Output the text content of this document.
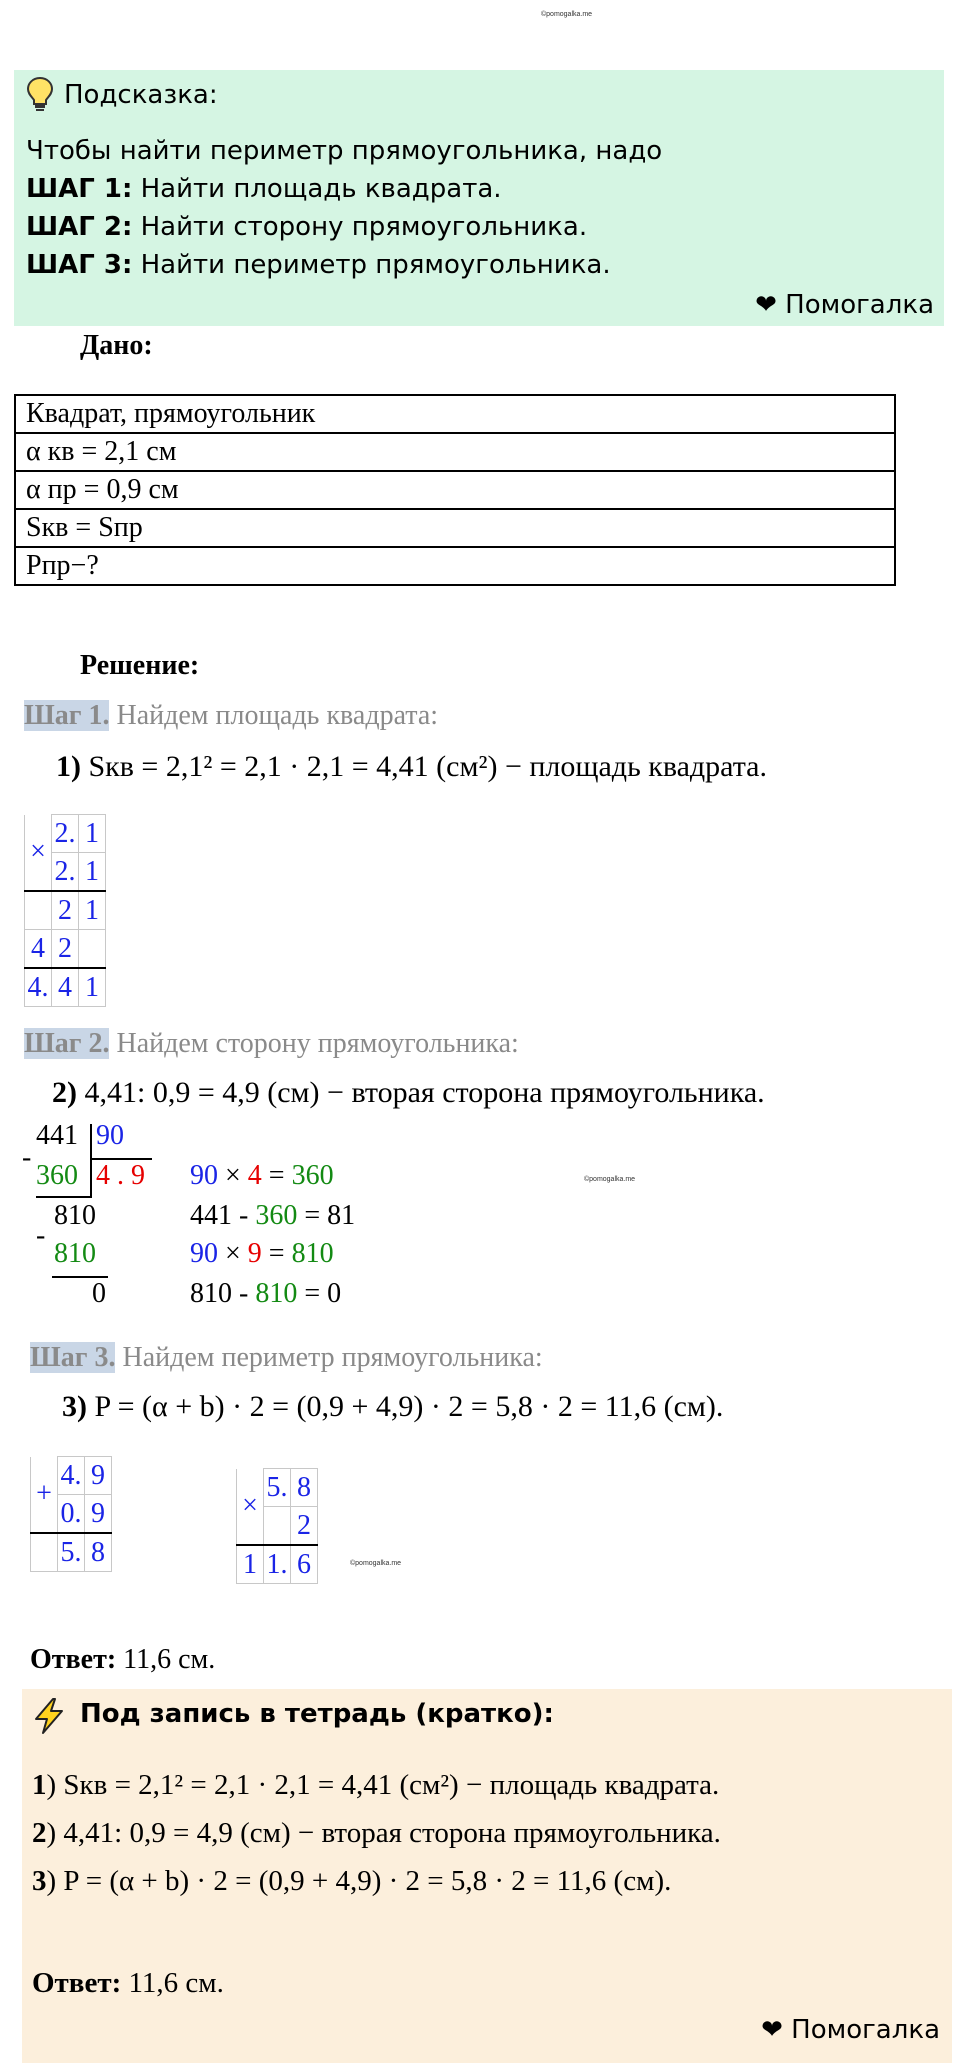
©pomogalka.me
Подсказка:
Чтобы найти периметр прямоугольника, надо
ШАГ 1: Найти площадь квадрата.
ШАГ 2: Найти сторону прямоугольника.
ШАГ 3: Найти периметр прямоугольника.
❤ Помогалка
Дано:
Квадрат, прямоугольник
α кв = 2,1 см
α пр = 0,9 см
Sкв = Sпр
Pпр−?
Решение:
Шаг 1. Найдем площадь квадрата:
1) Sкв = 2,1² = 2,1 · 2,1 = 4,41 (см²) − площадь квадрата.
×	2.	1
	2.	1
	2	1
4	2	
4.	4	1
Шаг 2. Найдем сторону прямоугольника:
2) 4,41: 0,9 = 4,9 (см) − вторая сторона прямоугольника.
441 90
-
360 4 . 9
810
-
810
0
90 × 4 = 360
441 - 360 = 81
90 × 9 = 810
810 - 810 = 0
©pomogalka.me
Шаг 3. Найдем периметр прямоугольника:
3) P = (α + b) · 2 = (0,9 + 4,9) · 2 = 5,8 · 2 = 11,6 (см).
+	4.	9
	0.	9
	5.	8
×	5.	8
		2
1	1.	6	©pomogalka.me
Ответ: 11,6 см.
Под запись в тетрадь (кратко):
1) Sкв = 2,1² = 2,1 · 2,1 = 4,41 (см²) − площадь квадрата.
2) 4,41: 0,9 = 4,9 (см) − вторая сторона прямоугольника.
3) P = (α + b) · 2 = (0,9 + 4,9) · 2 = 5,8 · 2 = 11,6 (см).
Ответ: 11,6 см.
❤ Помогалка
